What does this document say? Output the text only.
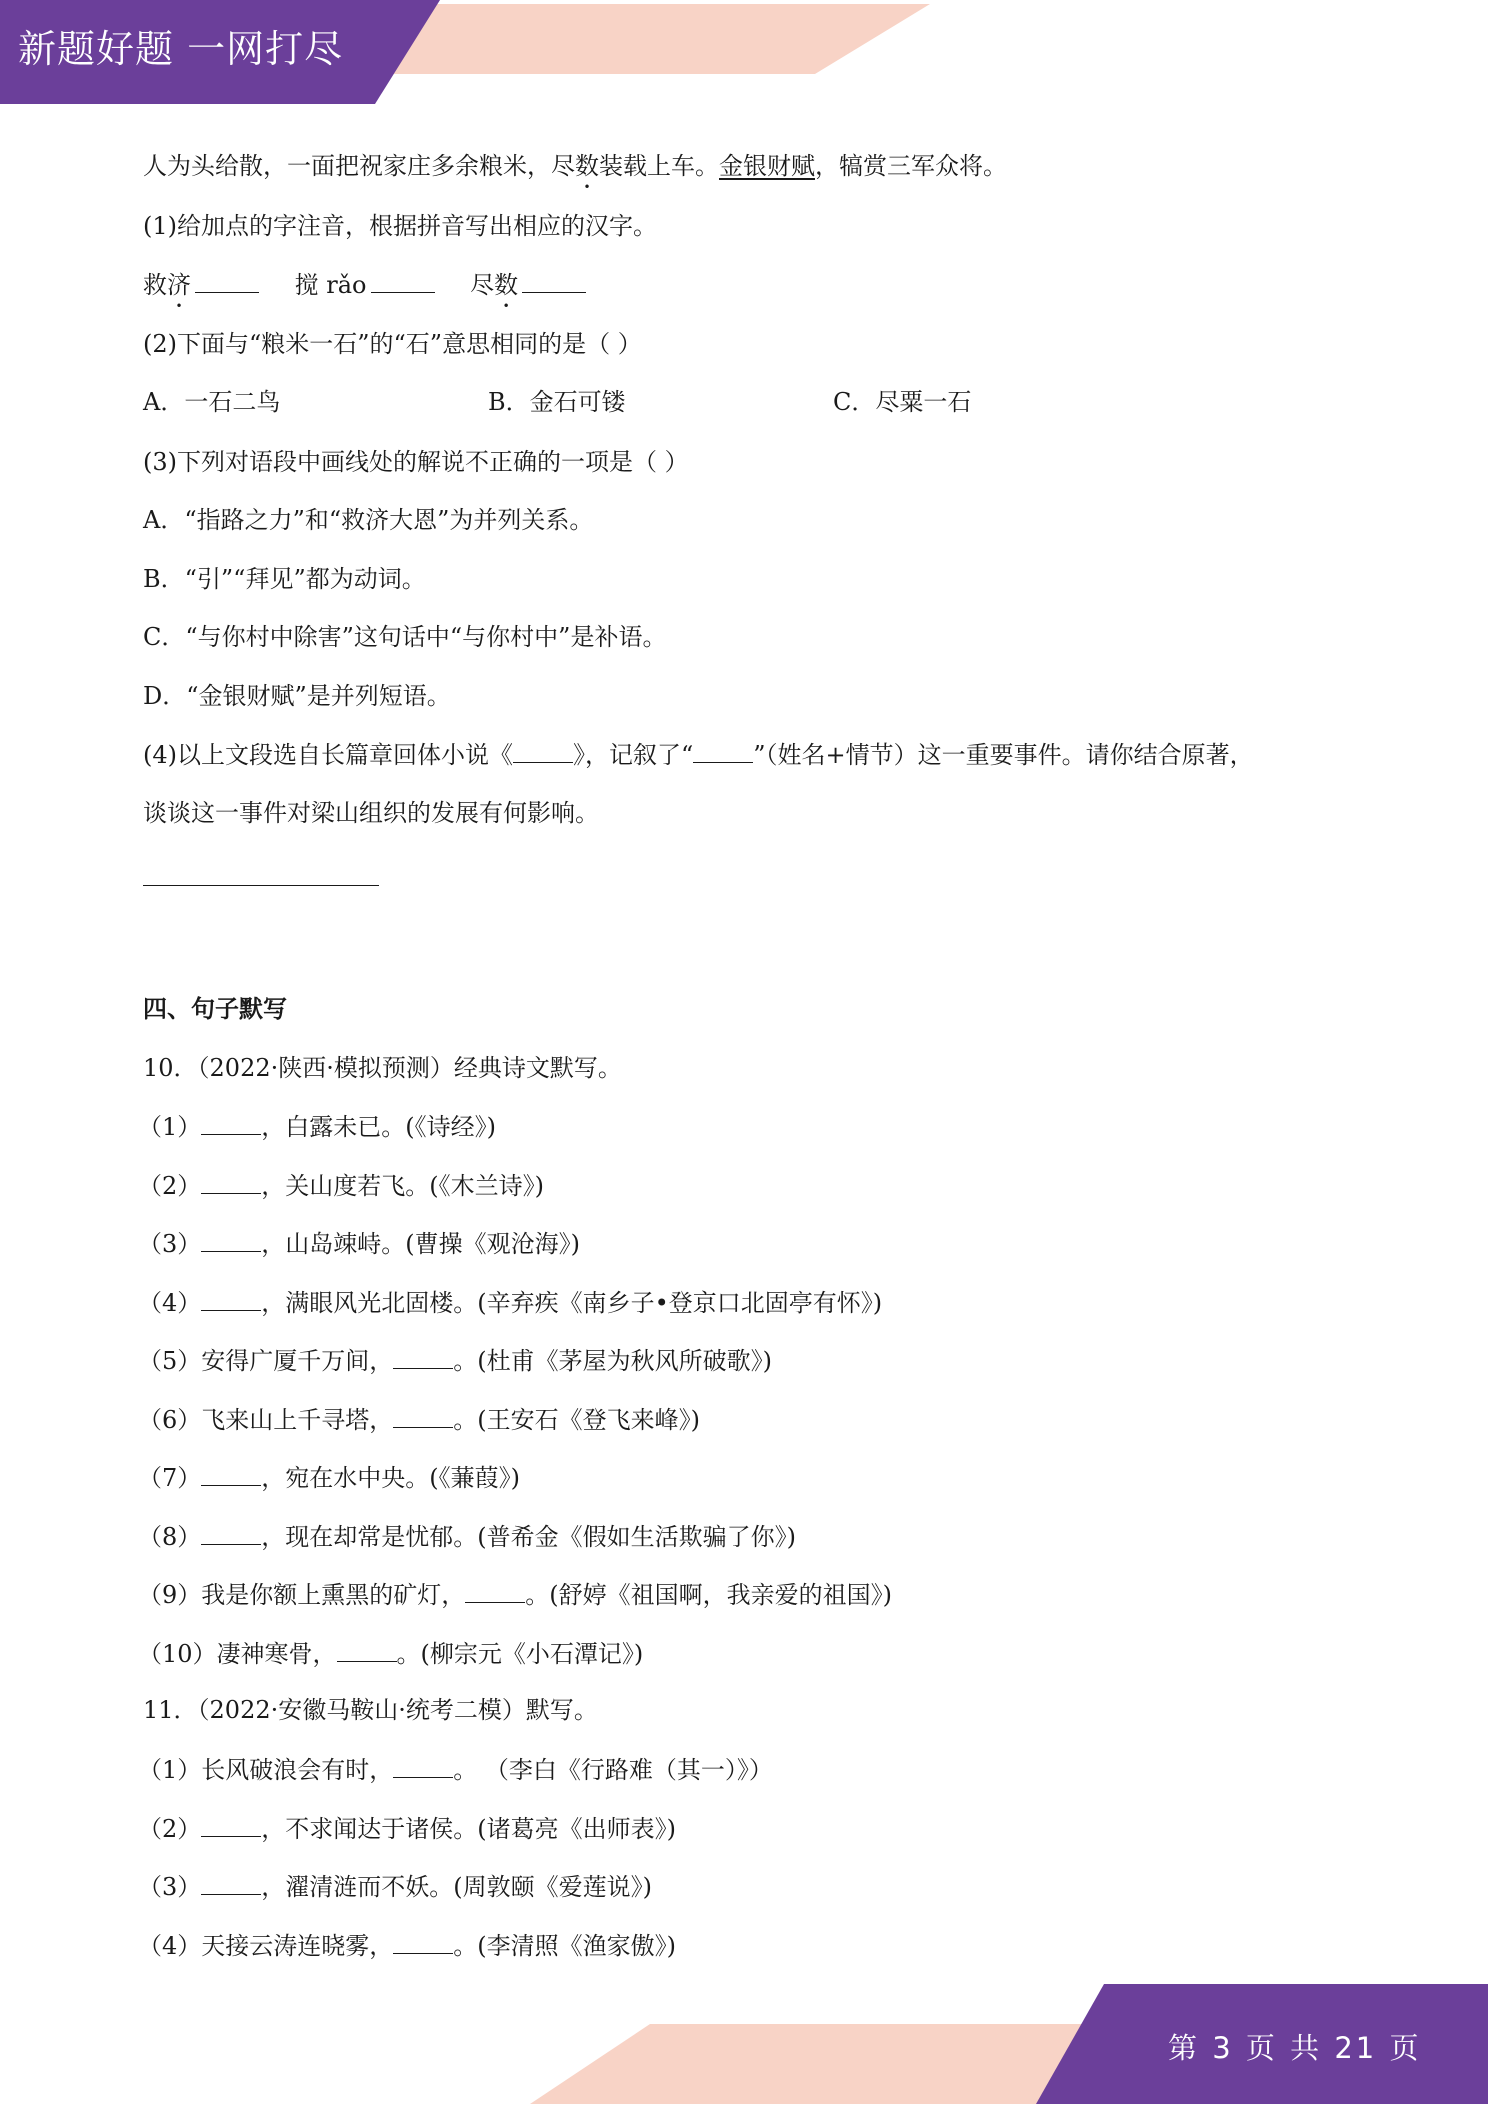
新题好题 一网打尽
人为头给散，一面把祝家庄多余粮米，尽数装载上车。金银财赋，犒赏三军众将。
(1)给加点的字注音，根据拼音写出相应的汉字。
救济	搅 rǎo	尽数
(2)下面与“粮米一石”的“石”意思相同的是（ ）
A．一石二鸟	B．金石可镂	C．尽粟一石
(3)下列对语段中画线处的解说不正确的一项是（ ）
A．“指路之力”和“救济大恩”为并列关系。
B．“引”“拜见”都为动词。
C．“与你村中除害”这句话中“与你村中”是补语。
D．“金银财赋”是并列短语。
(4)以上文段选自长篇章回体小说《	》，记叙了“	”（姓名+情节）这一重要事件。请你结合原著，
谈谈这一事件对梁山组织的发展有何影响。
四、句子默写
10．（2022·陕西·模拟预测）经典诗文默写。
（1）	，白露未已。(《诗经》)
（2）	，关山度若飞。(《木兰诗》)
（3）	，山岛竦峙。(曹操《观沧海》)
（4）	，满眼风光北固楼。(辛弃疾《南乡子•登京口北固亭有怀》)
（5）安得广厦千万间，	。(杜甫《茅屋为秋风所破歌》)
（6）飞来山上千寻塔，	。(王安石《登飞来峰》)
（7）	，宛在水中央。(《蒹葭》)
（8）	，现在却常是忧郁。(普希金《假如生活欺骗了你》)
（9）我是你额上熏黑的矿灯，	。(舒婷《祖国啊，我亲爱的祖国》)
（10）凄神寒骨，	。(柳宗元《小石潭记》)
11．（2022·安徽马鞍山·统考二模）默写。
（1）长风破浪会有时，	。 （李白《行路难（其一）》）
（2）	，不求闻达于诸侯。(诸葛亮《出师表》)
（3）	，濯清涟而不妖。(周敦颐《爱莲说》)
（4）天接云涛连晓雾，	。(李清照《渔家傲》)
第 3 页 共 21 页
